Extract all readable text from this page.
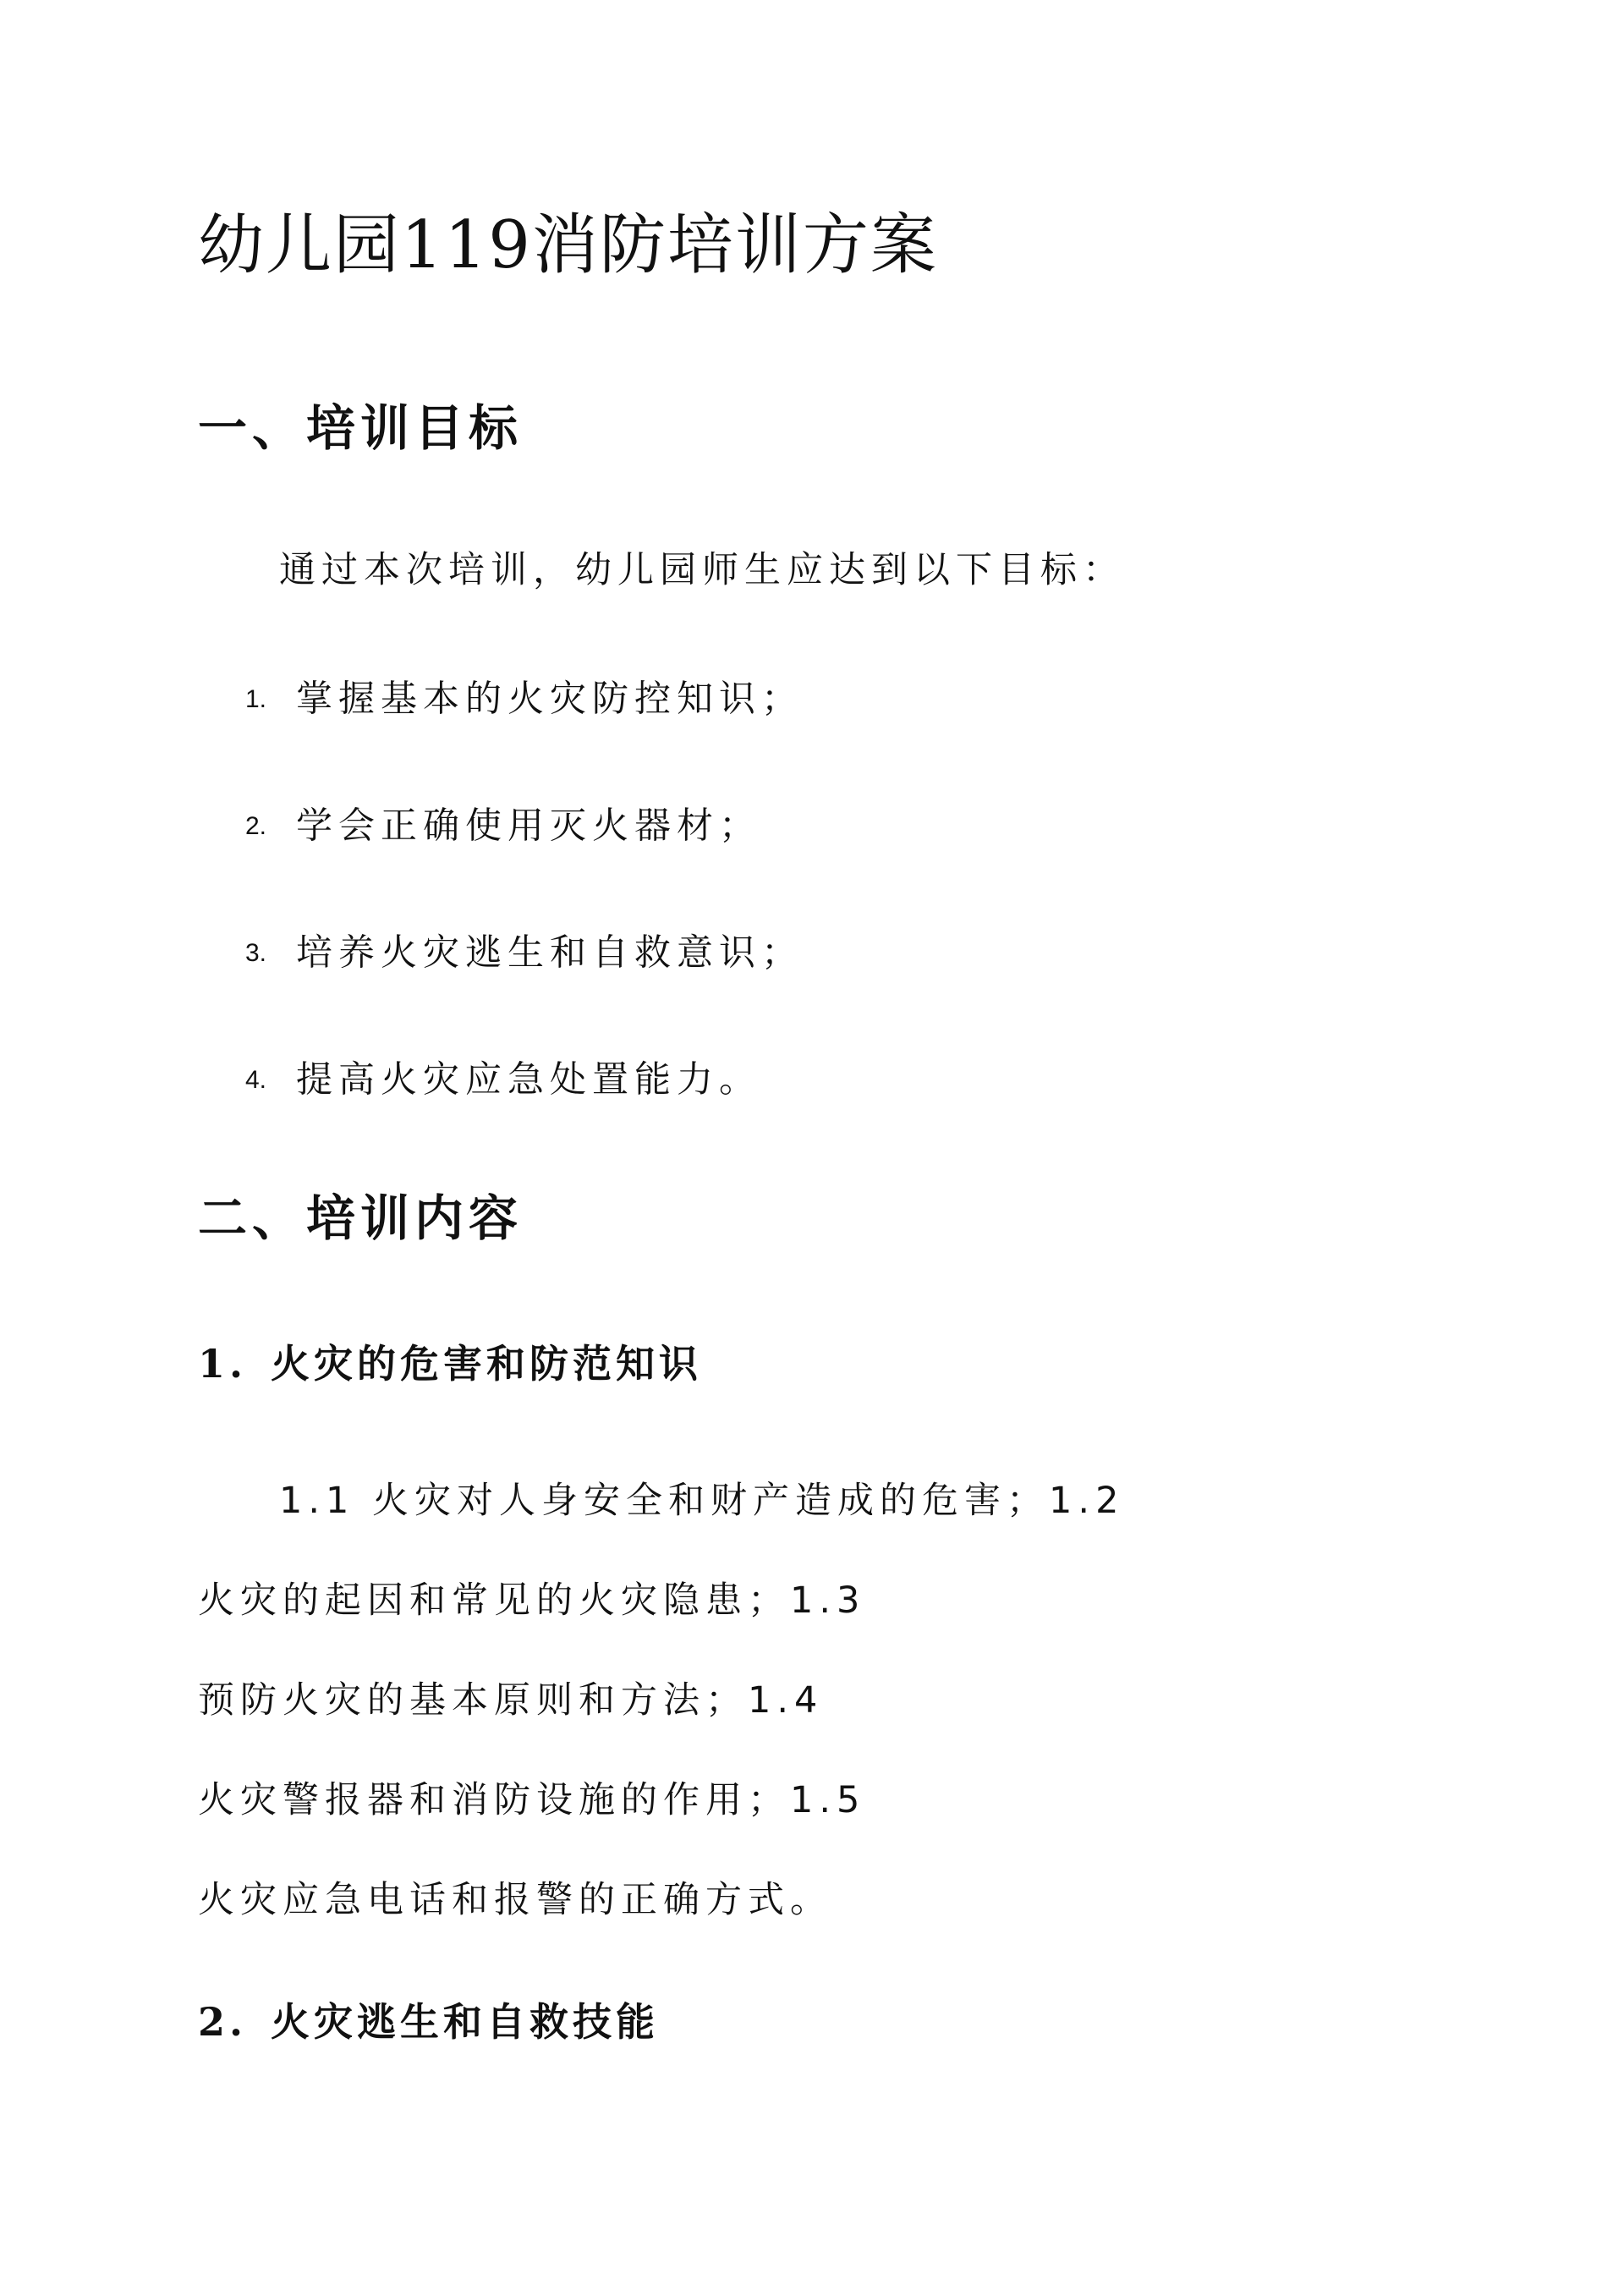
幼儿园119消防培训方案
一、培训目标

通过本次培训，幼儿园师生应达到以下目标：

1. 掌握基本的火灾防控知识；
2. 学会正确使用灭火器材；
3. 培养火灾逃生和自救意识；
4. 提高火灾应急处置能力。
二、培训内容
1. 火灾的危害和防范知识

1.1 火灾对人身安全和财产造成的危害；1.2

火灾的起因和常见的火灾隐患；1.3

预防火灾的基本原则和方法；1.4

火灾警报器和消防设施的作用；1.5

火灾应急电话和报警的正确方式。

2. 火灾逃生和自救技能
